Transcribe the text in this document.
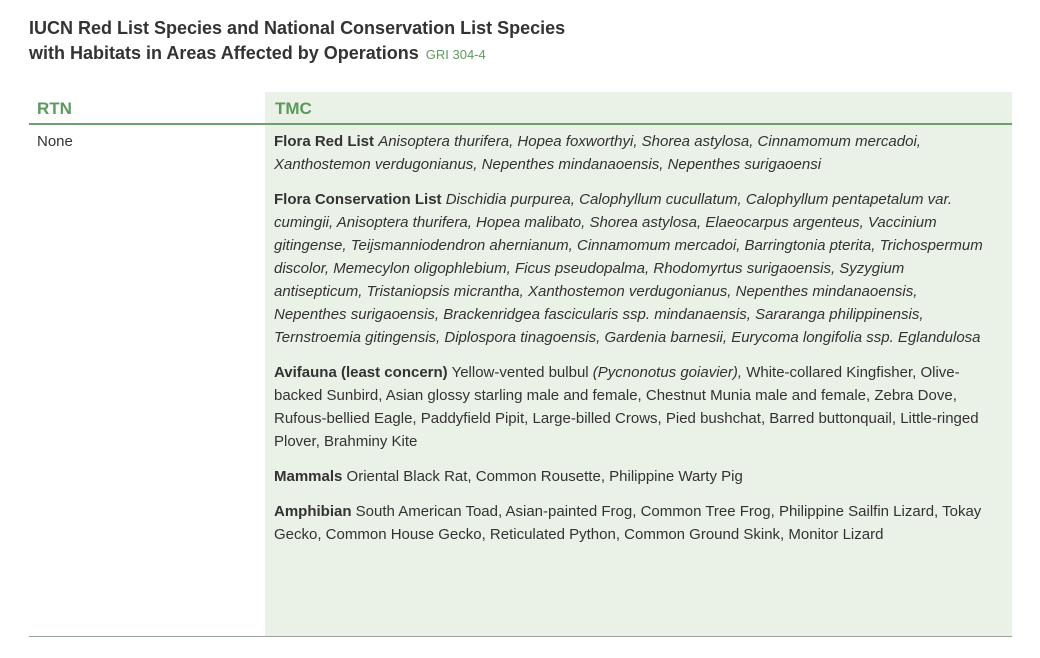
IUCN Red List Species and National Conservation List Species
with Habitats in Areas Affected by Operations GRI 304-4
RTN	TMC
None	Flora Red List Anisoptera thurifera, Hopea foxworthyi, Shorea astylosa, Cinnamomum mercadoi, Xanthostemon verdugonianus, Nepenthes mindanaoensis, Nepenthes surigaoensi

Flora Conservation List Dischidia purpurea, Calophyllum cucullatum, Calophyllum pentapetalum var. cumingii, Anisoptera thurifera, Hopea malibato, Shorea astylosa, Elaeocarpus argenteus, Vaccinium gitingense, Teijsmanniodendron ahernianum, Cinnamomum mercadoi, Barringtonia pterita, Trichospermum discolor, Memecylon oligophlebium, Ficus pseudopalma, Rhodomyrtus surigaoensis, Syzygium antisepticum, Tristaniopsis micrantha, Xanthostemon verdugonianus, Nepenthes mindanaoensis, Nepenthes surigaoensis, Brackenridgea fascicularis ssp. mindanaensis, Sararanga philippinensis, Ternstroemia gitingensis, Diplospora tinagoensis, Gardenia barnesii, Eurycoma longifolia ssp. Eglandulosa

Avifauna (least concern) Yellow-vented bulbul (Pycnonotus goiavier), White-collared Kingfisher, Olive-backed Sunbird, Asian glossy starling male and female, Chestnut Munia male and female, Zebra Dove, Rufous-bellied Eagle, Paddyfield Pipit, Large-billed Crows, Pied bushchat, Barred buttonquail, Little-ringed Plover, Brahminy Kite

Mammals Oriental Black Rat, Common Rousette, Philippine Warty Pig

Amphibian South American Toad, Asian-painted Frog, Common Tree Frog, Philippine Sailfin Lizard, Tokay Gecko, Common House Gecko, Reticulated Python, Common Ground Skink, Monitor Lizard
